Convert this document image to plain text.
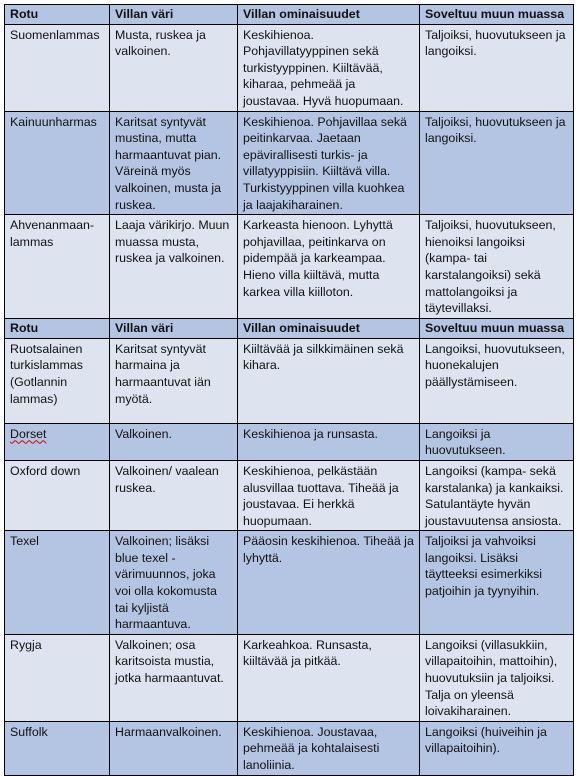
Rotu	Villan väri	Villan ominaisuudet	Soveltuu muun muassa
Suomenlammas	Musta, ruskea ja valkoinen.	Keskihienoa. Pohjavillatyyppinen sekä turkistyyppinen. Kiiltävää, kiharaa, pehmeää ja joustavaa. Hyvä huopumaan.	Taljoiksi, huovutukseen ja langoiksi.
Kainuunharmas	Karitsat syntyvät mustina, mutta harmaantuvat pian. Väreinä myös valkoinen, musta ja ruskea.	Keskihienoa. Pohjavillaa sekä peitinkarvaa. Jaetaan epävirallisesti turkis- ja villatyyppisiin. Kiiltävä villa. Turkistyyppinen villa kuohkea ja laajakiharainen.	Taljoiksi, huovutukseen ja langoiksi.
Ahvenanmaan-lammas	Laaja värikirjo. Muun muassa musta, ruskea ja valkoinen.	Karkeasta hienoon. Lyhyttä pohjavillaa, peitinkarva on pidempää ja karkeampaa. Hieno villa kiiltävä, mutta karkea villa kiilloton.	Taljoiksi, huovutukseen, hienoiksi langoiksi (kampa- tai karstalangoiksi) sekä mattolangoiksi ja täytevillaksi.
Rotu	Villan väri	Villan ominaisuudet	Soveltuu muun muassa
Ruotsalainen turkislammas (Gotlannin lammas)	Karitsat syntyvät harmaina ja harmaantuvat iän myötä.	Kiiltävää ja silkkimäinen sekä kihara.	Langoiksi, huovutukseen, huonekalujen päällystämiseen.
Dorset	Valkoinen.	Keskihienoa ja runsasta.	Langoiksi ja huovutukseen.
Oxford down	Valkoinen/ vaalean ruskea.	Keskihienoa, pelkästään alusvillaa tuottava. Tiheää ja joustavaa. Ei herkkä huopumaan.	Langoiksi (kampa- sekä karstalanka) ja kankaiksi. Satulantäyte hyvän joustavuutensa ansiosta.
Texel	Valkoinen; lisäksi blue texel -värimuunnos, joka voi olla kokomusta tai kyljistä harmaantuva.	Pääosin keskihienoa. Tiheää ja lyhyttä.	Taljoiksi ja vahvoiksi langoiksi. Lisäksi täytteeksi esimerkiksi patjoihin ja tyynyihin.
Rygja	Valkoinen; osa karitsoista mustia, jotka harmaantuvat.	Karkeahkoa. Runsasta, kiiltävää ja pitkää.	Langoiksi (villasukkiin, villapaitoihin, mattoihin), huovutuksiin ja taljoiksi. Talja on yleensä loivakiharainen.
Suffolk	Harmaanvalkoinen.	Keskihienoa. Joustavaa, pehmeää ja kohtalaisesti lanoliinia.	Langoiksi (huiveihin ja villapaitoihin).
